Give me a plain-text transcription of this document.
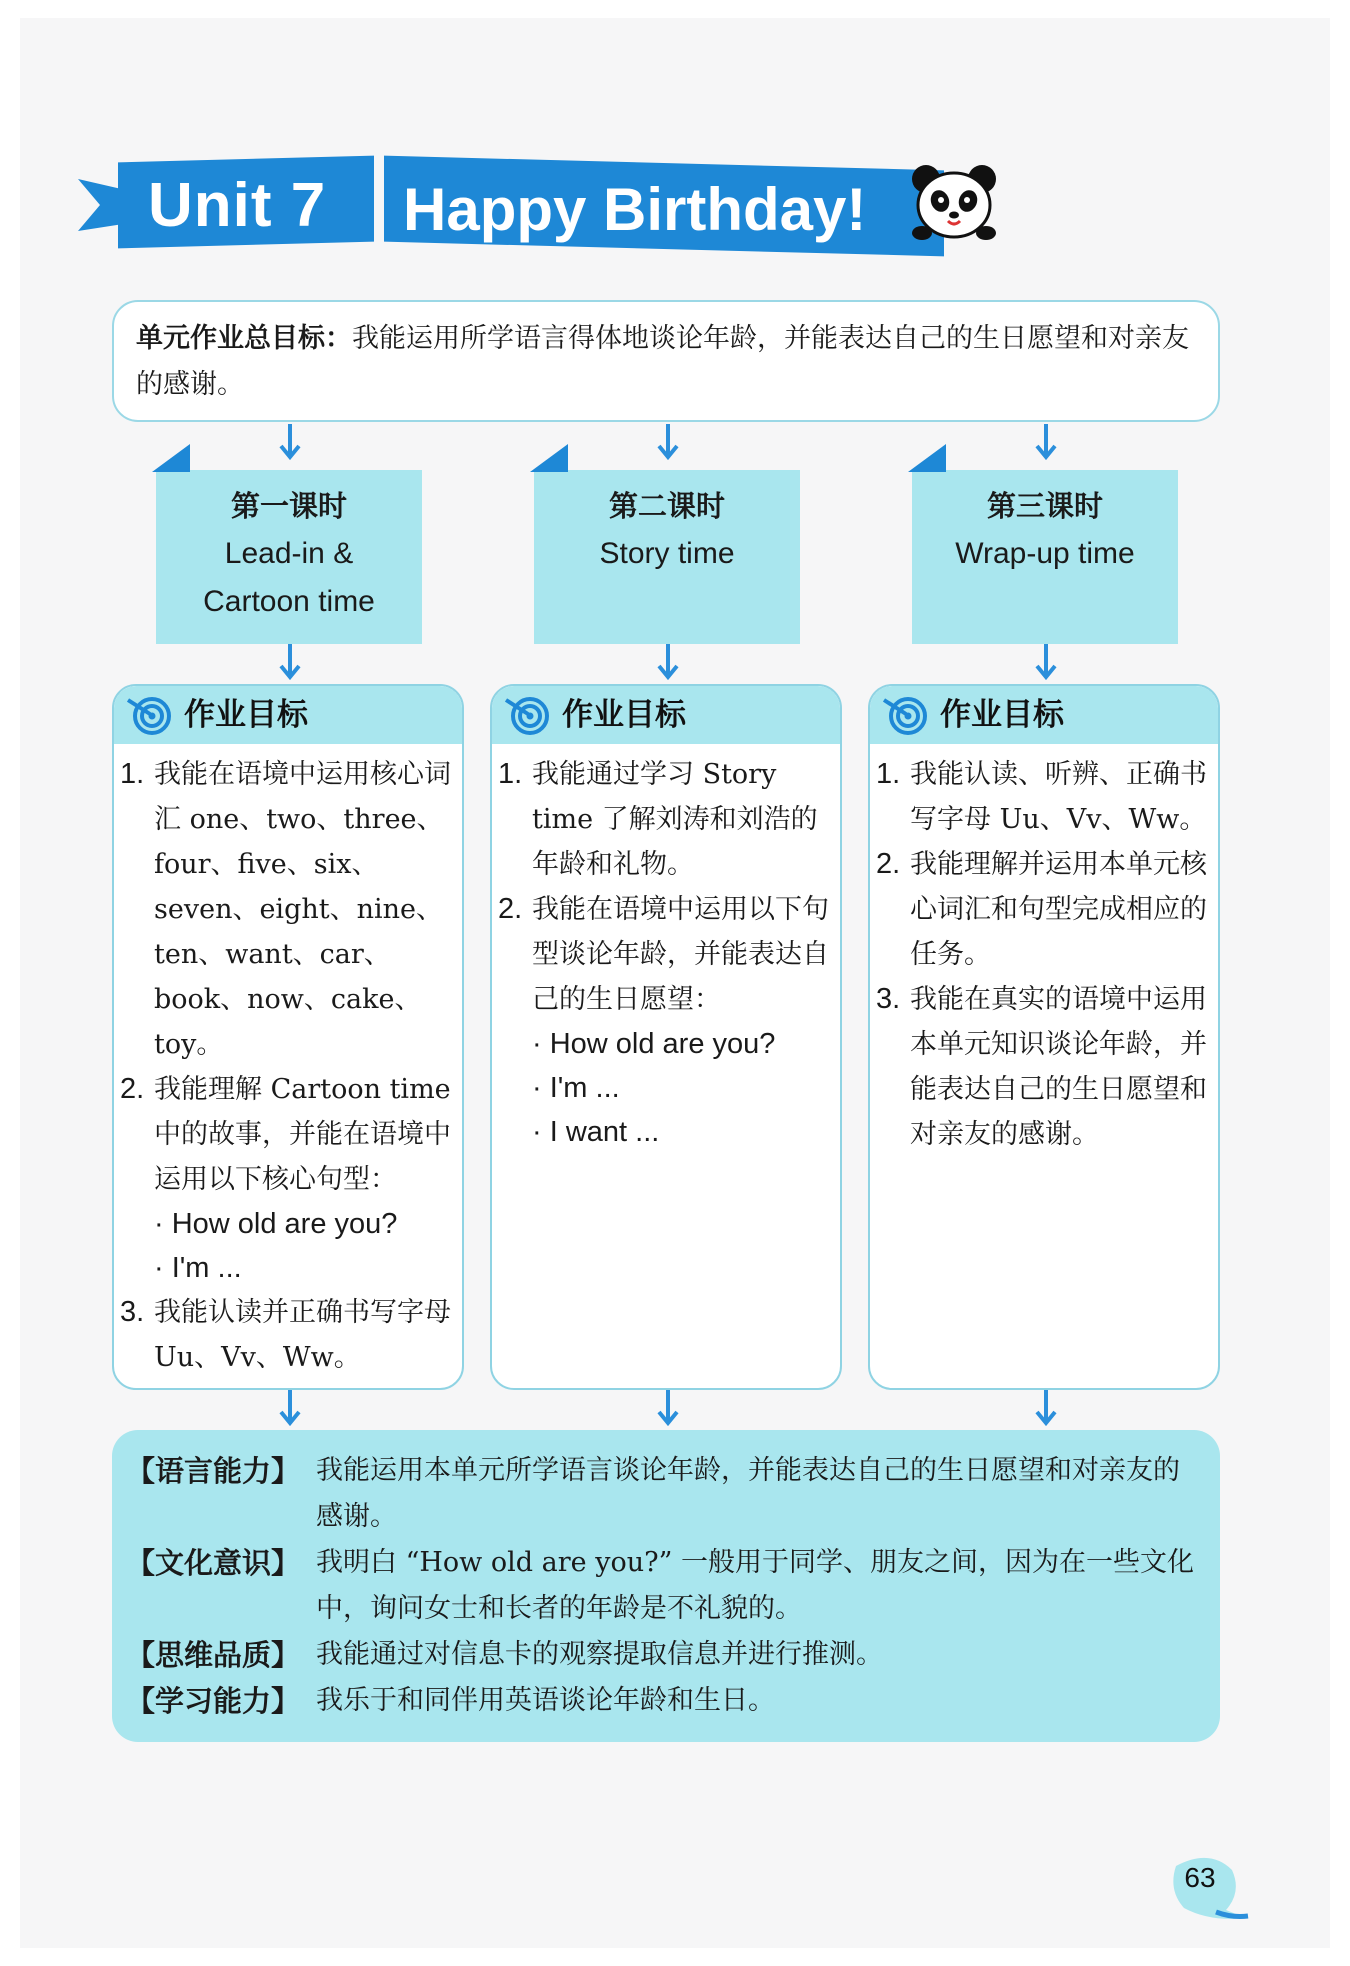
Unit 7 Happy Birthday!
单元作业总目标：我能运用所学语言得体地谈论年龄，并能表达自己的生日愿望和对亲友的感谢。
第一课时
Lead-in &
Cartoon time
第二课时
Story time
第三课时
Wrap-up time
作业目标
1. 我能在语境中运用核心词汇 one、two、three、four、five、six、seven、eight、nine、ten、want、car、book、now、cake、toy。
2. 我能理解 Cartoon time 中的故事，并能在语境中运用以下核心句型：
· How old are you?
· I'm ...
3. 我能认读并正确书写字母 Uu、Vv、Ww。
作业目标
1. 我能通过学习 Story time 了解刘涛和刘浩的年龄和礼物。
2. 我能在语境中运用以下句型谈论年龄，并能表达自己的生日愿望：
· How old are you?
· I'm ...
· I want ...
作业目标
1. 我能认读、听辨、正确书写字母 Uu、Vv、Ww。
2. 我能理解并运用本单元核心词汇和句型完成相应的任务。
3. 我能在真实的语境中运用本单元知识谈论年龄，并能表达自己的生日愿望和对亲友的感谢。
【语言能力】 我能运用本单元所学语言谈论年龄，并能表达自己的生日愿望和对亲友的感谢。
【文化意识】 我明白 “How old are you?” 一般用于同学、朋友之间，因为在一些文化中，询问女士和长者的年龄是不礼貌的。
【思维品质】 我能通过对信息卡的观察提取信息并进行推测。
【学习能力】 我乐于和同伴用英语谈论年龄和生日。
63
